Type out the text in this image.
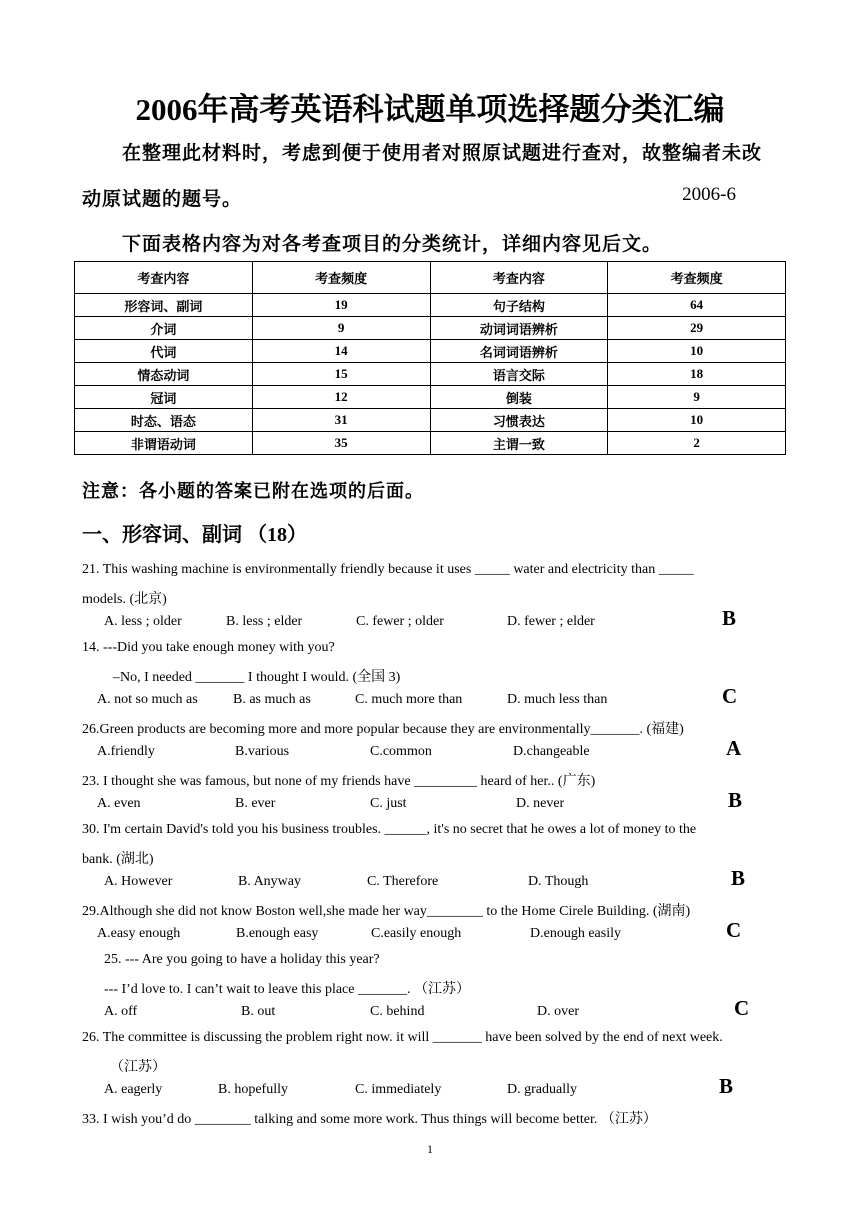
2006年高考英语科试题单项选择题分类汇编
在整理此材料时，考虑到便于使用者对照原试题进行查对，故整编者未改
动原试题的题号。	2006-6
下面表格内容为对各考查项目的分类统计，详细内容见后文。
考查内容	考查频度	考查内容	考查频度
形容词、副词	19	句子结构	64
介词	9	动词词语辨析	29
代词	14	名词词语辨析	10
情态动词	15	语言交际	18
冠词	12	倒装	9
时态、语态	31	习惯表达	10
非谓语动词	35	主谓一致	2
注意：各小题的答案已附在选项的后面。
一、形容词、副词 （18）
21. This washing machine is environmentally friendly because it uses _____ water and electricity than _____
models. (北京)
A. less ; older	B. less ; elder	C. fewer ; older	D. fewer ; elder	B
14. ---Did you take enough money with you?
–No, I needed _______ I thought I would. (全国 3)
A. not so much as	B. as much as	C. much more than	D. much less than	C
26.Green products are becoming more and more popular because they are environmentally_______. (福建)
A.friendly	B.various	C.common	D.changeable	A
23. I thought she was famous, but none of my friends have _________ heard of her.. (广东)
A. even	B. ever	C. just	D. never	B
30. I'm certain David's told you his business troubles. ______, it's no secret that he owes a lot of money to the
bank. (湖北)
A. However	B. Anyway	C. Therefore	D. Though	B
29.Although she did not know Boston well,she made her way________ to the Home Cirele Building. (湖南)
A.easy enough	B.enough easy	C.easily enough	D.enough easily	C
25. --- Are you going to have a holiday this year?
--- I’d love to. I can’t wait to leave this place _______. （江苏）
A. off	B. out	C. behind	D. over	C
26. The committee is discussing the problem right now. it will _______ have been solved by the end of next week.
（江苏）
A. eagerly	B. hopefully	C. immediately	D. gradually	B
33. I wish you’d do ________ talking and some more work. Thus things will become better. （江苏）
1
